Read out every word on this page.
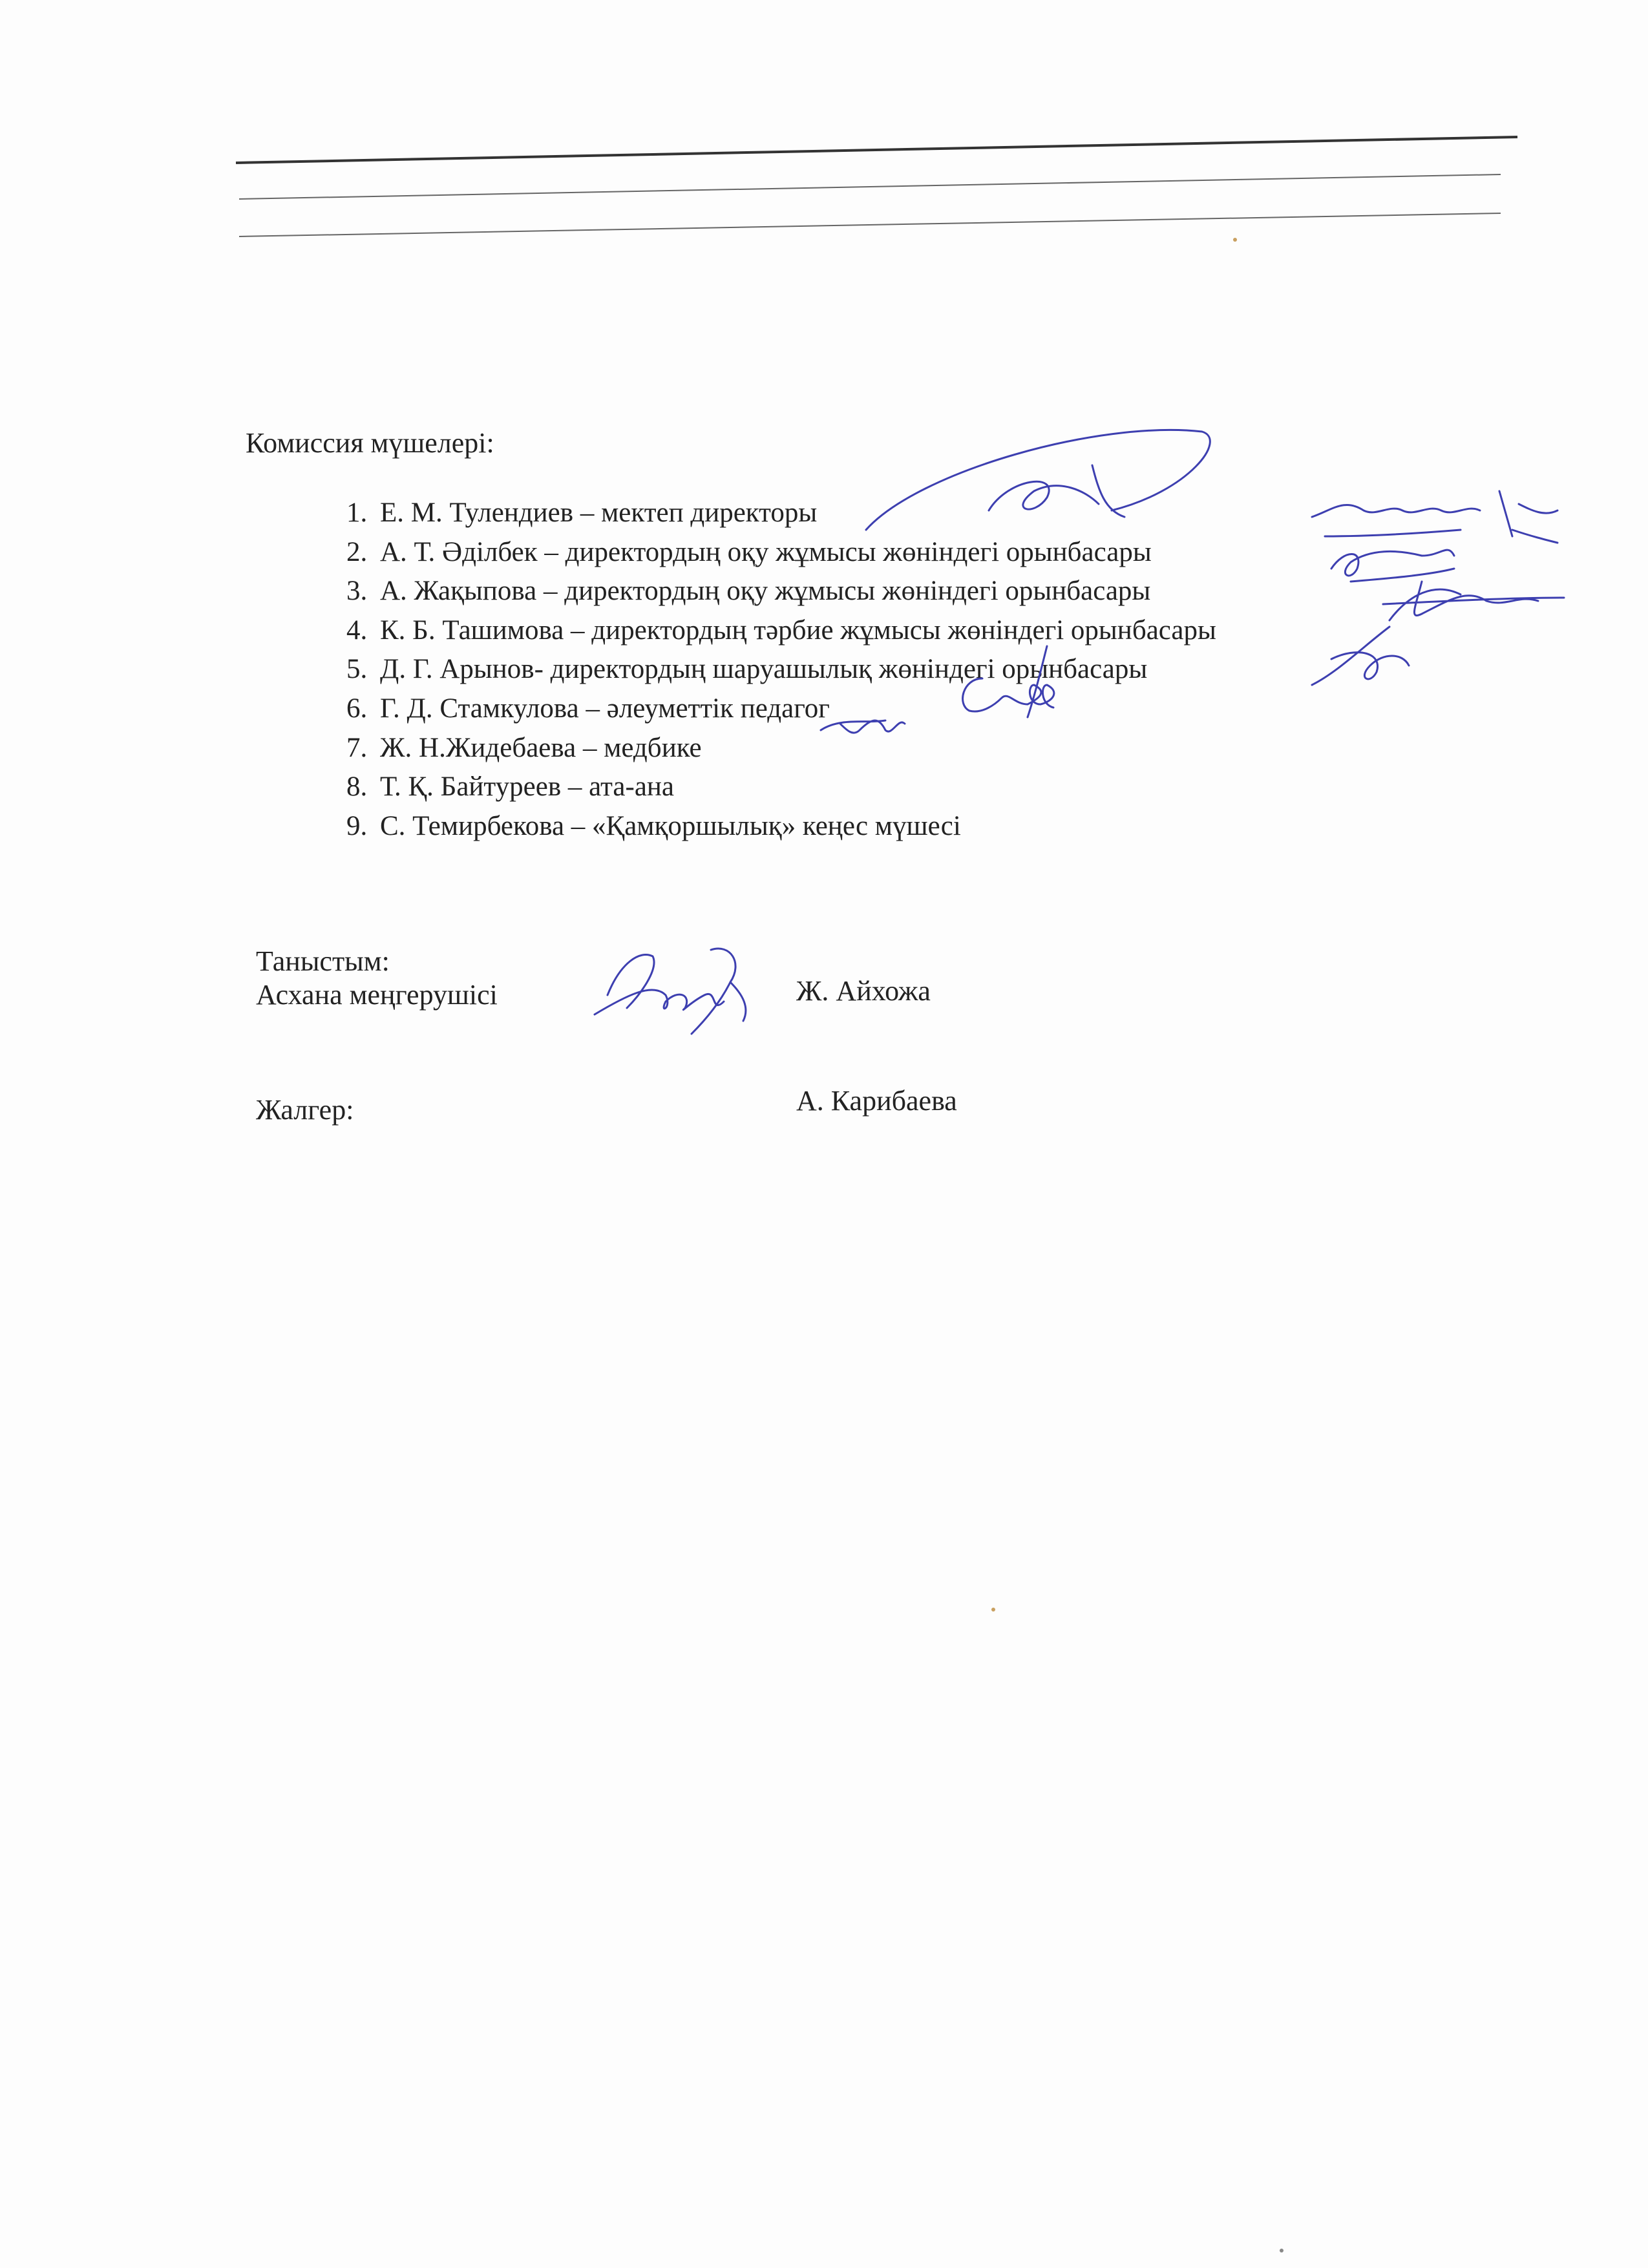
Комиссия мүшелері:
1. Е. М. Тулендиев – мектеп директоры
2. А. Т. Әділбек – директордың оқу жұмысы жөніндегі орынбасары
3. А. Жақыпова – директордың оқу жұмысы жөніндегі орынбасары
4. К. Б. Ташимова – директордың тәрбие жұмысы жөніндегі орынбасары
5. Д. Г. Арынов- директордың шаруашылық жөніндегі орынбасары
6. Г. Д. Стамкулова – әлеуметтік педагог
7. Ж. Н.Жидебаева – медбике
8. Т. Қ. Байтуреев – ата-ана
9. С. Темирбекова – «Қамқоршылық» кеңес мүшесі
Таныстым:
Асхана меңгерушісі	Ж. Айхожа
Жалгер:	А. Карибаева
